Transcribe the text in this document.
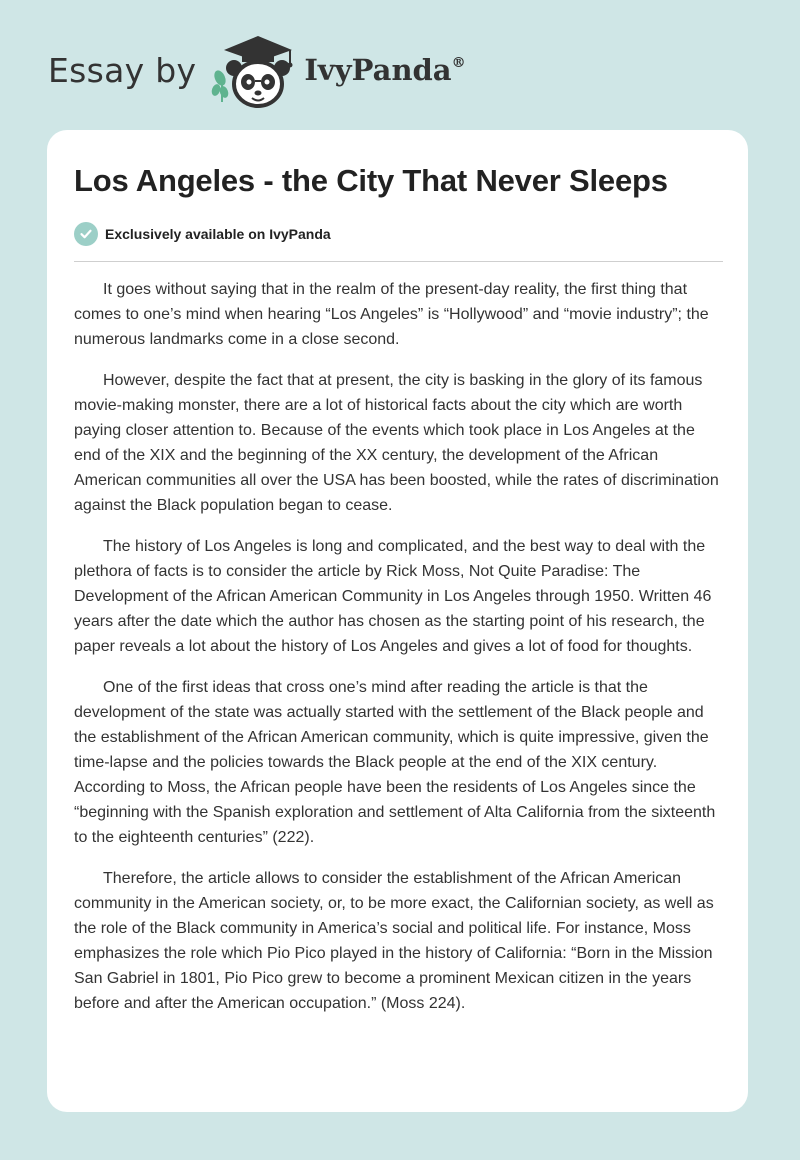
Essay by	IvyPanda®
Los Angeles - the City That Never Sleeps
Exclusively available on IvyPanda

It goes without saying that in the realm of the present-day reality, the first thing that comes to one’s mind when hearing “Los Angeles” is “Hollywood” and “movie industry”; the numerous landmarks come in a close second.

However, despite the fact that at present, the city is basking in the glory of its famous movie-making monster, there are a lot of historical facts about the city which are worth paying closer attention to. Because of the events which took place in Los Angeles at the end of the XIX and the beginning of the XX century, the development of the African American communities all over the USA has been boosted, while the rates of discrimination against the Black population began to cease.

The history of Los Angeles is long and complicated, and the best way to deal with the plethora of facts is to consider the article by Rick Moss, Not Quite Paradise: The Development of the African American Community in Los Angeles through 1950. Written 46 years after the date which the author has chosen as the starting point of his research, the paper reveals a lot about the history of Los Angeles and gives a lot of food for thoughts.

One of the first ideas that cross one’s mind after reading the article is that the development of the state was actually started with the settlement of the Black people and the establishment of the African American community, which is quite impressive, given the time-lapse and the policies towards the Black people at the end of the XIX century. According to Moss, the African people have been the residents of Los Angeles since the “beginning with the Spanish exploration and settlement of Alta California from the sixteenth to the eighteenth centuries” (222).

Therefore, the article allows to consider the establishment of the African American community in the American society, or, to be more exact, the Californian society, as well as the role of the Black community in America’s social and political life. For instance, Moss emphasizes the role which Pio Pico played in the history of California: “Born in the Mission San Gabriel in 1801, Pio Pico grew to become a prominent Mexican citizen in the years before and after the American occupation.” (Moss 224).
